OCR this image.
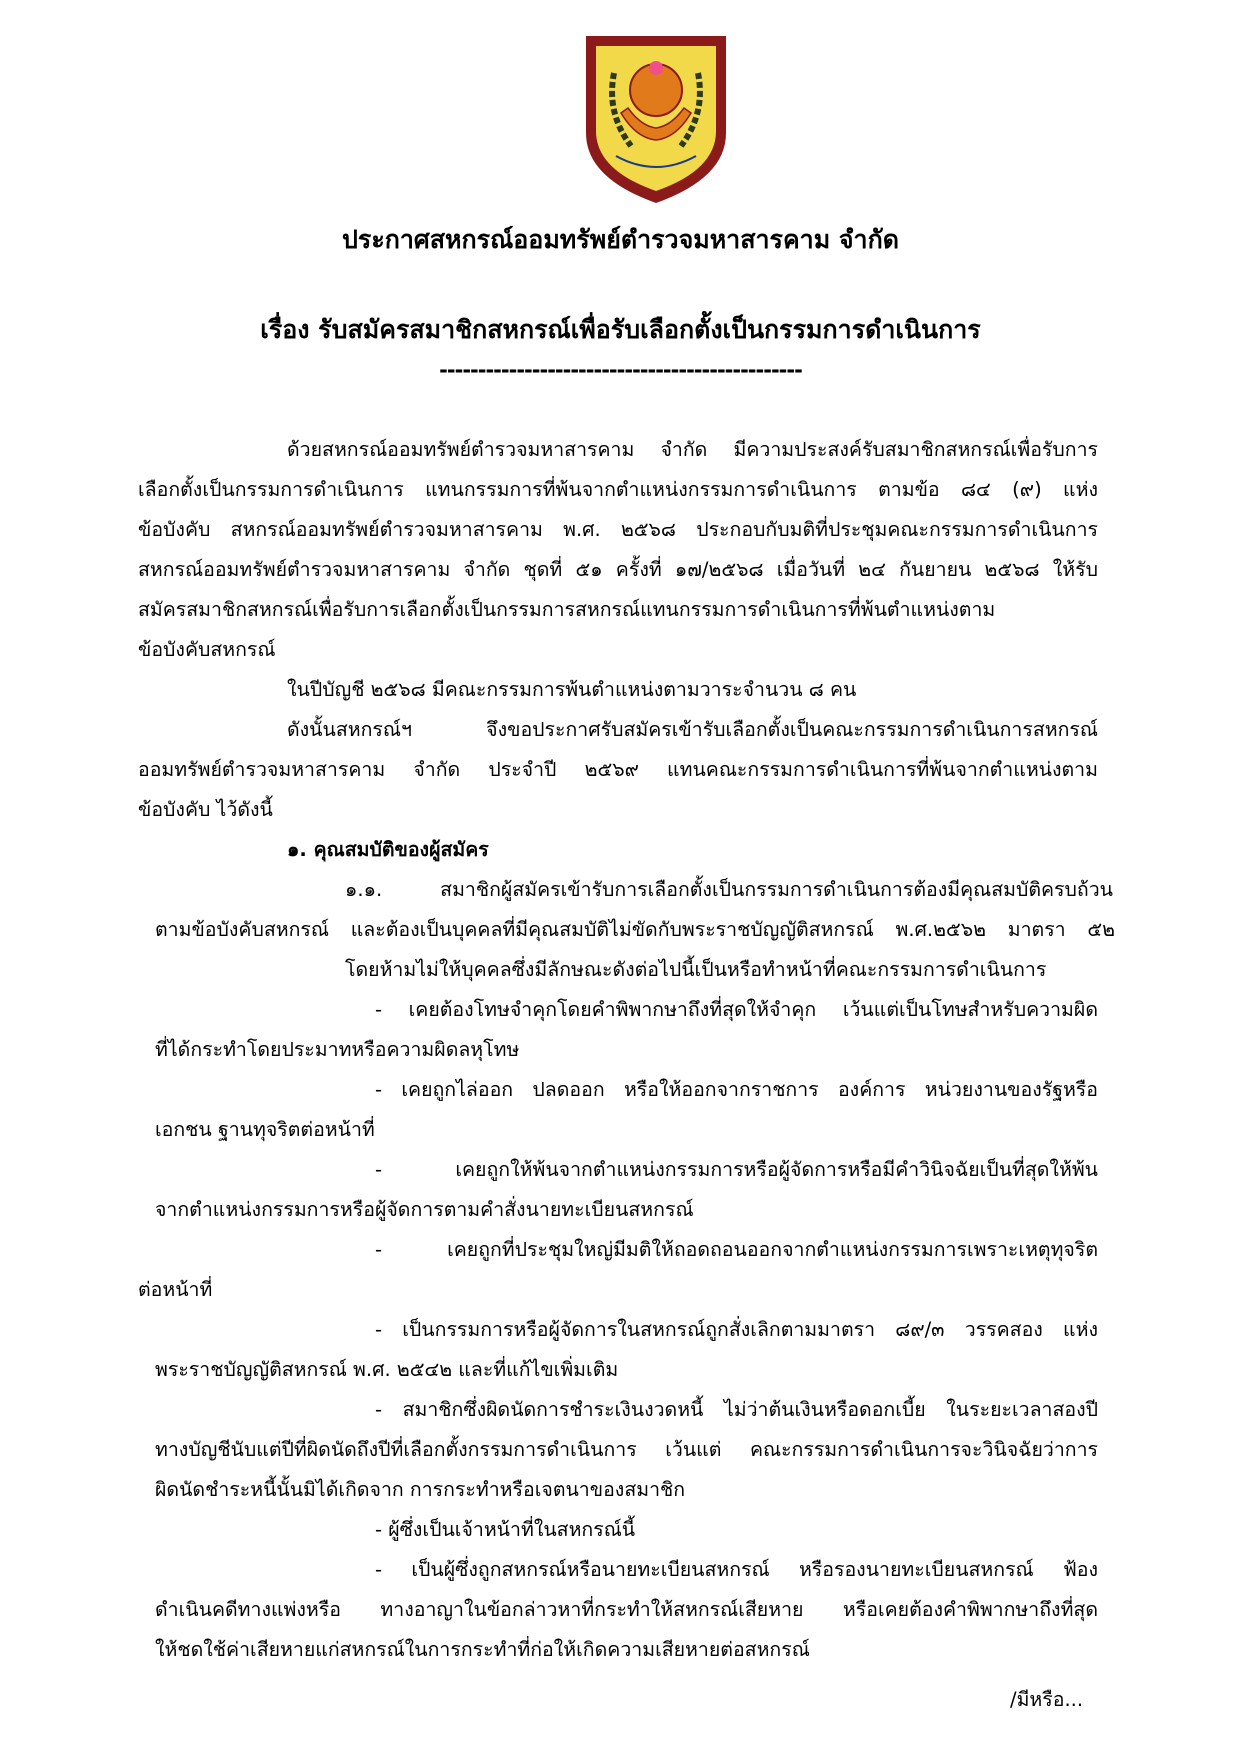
ประกาศสหกรณ์ออมทรัพย์ตำรวจมหาสารคาม จำกัด
เรื่อง รับสมัครสมาชิกสหกรณ์เพื่อรับเลือกตั้งเป็นกรรมการดำเนินการ
-----------------------------------------------
ด้วยสหกรณ์ออมทรัพย์ตำรวจมหาสารคาม จำกัด มีความประสงค์รับสมาชิกสหกรณ์เพื่อรับการ
เลือกตั้งเป็นกรรมการดำเนินการ แทนกรรมการที่พ้นจากตำแหน่งกรรมการดำเนินการ ตามข้อ ๘๔ (๙) แห่ง
ข้อบังคับ สหกรณ์ออมทรัพย์ตำรวจมหาสารคาม พ.ศ. ๒๕๖๘ ประกอบกับมติที่ประชุมคณะกรรมการดำเนินการ
สหกรณ์ออมทรัพย์ตำรวจมหาสารคาม จำกัด ชุดที่ ๕๑ ครั้งที่ ๑๗/๒๕๖๘ เมื่อวันที่ ๒๔ กันยายน ๒๕๖๘ ให้รับ
สมัครสมาชิกสหกรณ์เพื่อรับการเลือกตั้งเป็นกรรมการสหกรณ์แทนกรรมการดำเนินการที่พ้นตำแหน่งตาม
ข้อบังคับสหกรณ์
ในปีบัญชี ๒๕๖๘ มีคณะกรรมการพ้นตำแหน่งตามวาระจำนวน ๘ คน
ดังนั้นสหกรณ์ฯ จึงขอประกาศรับสมัครเข้ารับเลือกตั้งเป็นคณะกรรมการดำเนินการสหกรณ์
ออมทรัพย์ตำรวจมหาสารคาม จำกัด ประจำปี ๒๕๖๙ แทนคณะกรรมการดำเนินการที่พ้นจากตำแหน่งตาม
ข้อบังคับ ไว้ดังนี้
๑. คุณสมบัติของผู้สมัคร
๑.๑. สมาชิกผู้สมัครเข้ารับการเลือกตั้งเป็นกรรมการดำเนินการต้องมีคุณสมบัติครบถ้วน
ตามข้อบังคับสหกรณ์ และต้องเป็นบุคคลที่มีคุณสมบัติไม่ขัดกับพระราชบัญญัติสหกรณ์ พ.ศ.๒๕๖๒ มาตรา ๕๒
โดยห้ามไม่ให้บุคคลซึ่งมีลักษณะดังต่อไปนี้เป็นหรือทำหน้าที่คณะกรรมการดำเนินการ
- เคยต้องโทษจำคุกโดยคำพิพากษาถึงที่สุดให้จำคุก เว้นแต่เป็นโทษสำหรับความผิด
ที่ได้กระทำโดยประมาทหรือความผิดลหุโทษ
- เคยถูกไล่ออก ปลดออก หรือให้ออกจากราชการ องค์การ หน่วยงานของรัฐหรือ
เอกชน ฐานทุจริตต่อหน้าที่
- เคยถูกให้พ้นจากตำแหน่งกรรมการหรือผู้จัดการหรือมีคำวินิจฉัยเป็นที่สุดให้พ้น
จากตำแหน่งกรรมการหรือผู้จัดการตามคำสั่งนายทะเบียนสหกรณ์
- เคยถูกที่ประชุมใหญ่มีมติให้ถอดถอนออกจากตำแหน่งกรรมการเพราะเหตุทุจริต
ต่อหน้าที่
- เป็นกรรมการหรือผู้จัดการในสหกรณ์ถูกสั่งเลิกตามมาตรา ๘๙/๓ วรรคสอง แห่ง
พระราชบัญญัติสหกรณ์ พ.ศ. ๒๕๔๒ และที่แก้ไขเพิ่มเติม
- สมาชิกซึ่งผิดนัดการชำระเงินงวดหนี้ ไม่ว่าต้นเงินหรือดอกเบี้ย ในระยะเวลาสองปี
ทางบัญชีนับแต่ปีที่ผิดนัดถึงปีที่เลือกตั้งกรรมการดำเนินการ เว้นแต่ คณะกรรมการดำเนินการจะวินิจฉัยว่าการ
ผิดนัดชำระหนี้นั้นมิได้เกิดจาก การกระทำหรือเจตนาของสมาชิก
- ผู้ซึ่งเป็นเจ้าหน้าที่ในสหกรณ์นี้
- เป็นผู้ซึ่งถูกสหกรณ์หรือนายทะเบียนสหกรณ์ หรือรองนายทะเบียนสหกรณ์ ฟ้อง
ดำเนินคดีทางแพ่งหรือ ทางอาญาในข้อกล่าวหาที่กระทำให้สหกรณ์เสียหาย หรือเคยต้องคำพิพากษาถึงที่สุด
ให้ชดใช้ค่าเสียหายแก่สหกรณ์ในการกระทำที่ก่อให้เกิดความเสียหายต่อสหกรณ์
/มีหรือ...
